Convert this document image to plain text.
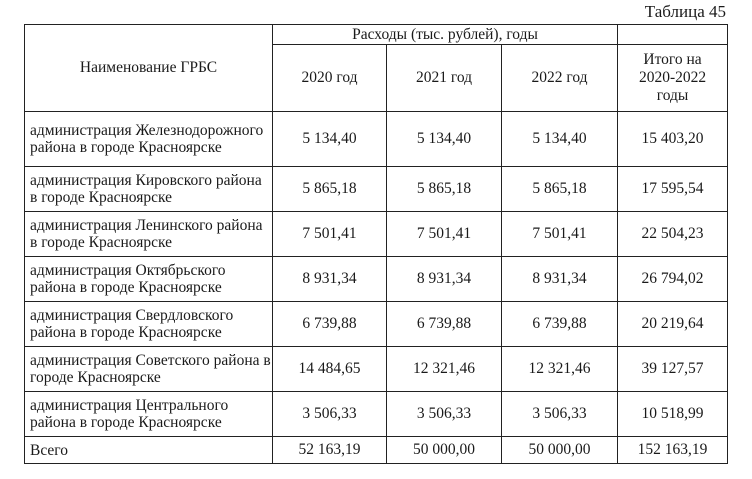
Таблица 45
Наименование ГРБС	Расходы (тыс. рублей), годы			
	2020 год	2021 год	2022 год	Итого на 2020-2022 годы
администрация Железнодорожного района в городе Красноярске	5 134,40	5 134,40	5 134,40	15 403,20
администрация Кировского района в городе Красноярске	5 865,18	5 865,18	5 865,18	17 595,54
администрация Ленинского района в городе Красноярске	7 501,41	7 501,41	7 501,41	22 504,23
администрация Октябрьского района в городе Красноярске	8 931,34	8 931,34	8 931,34	26 794,02
администрация Свердловского района в городе Красноярске	6 739,88	6 739,88	6 739,88	20 219,64
администрация Советского района в городе Красноярске	14 484,65	12 321,46	12 321,46	39 127,57
администрация Центрального района в городе Красноярске	3 506,33	3 506,33	3 506,33	10 518,99
Всего	52 163,19	50 000,00	50 000,00	152 163,19
